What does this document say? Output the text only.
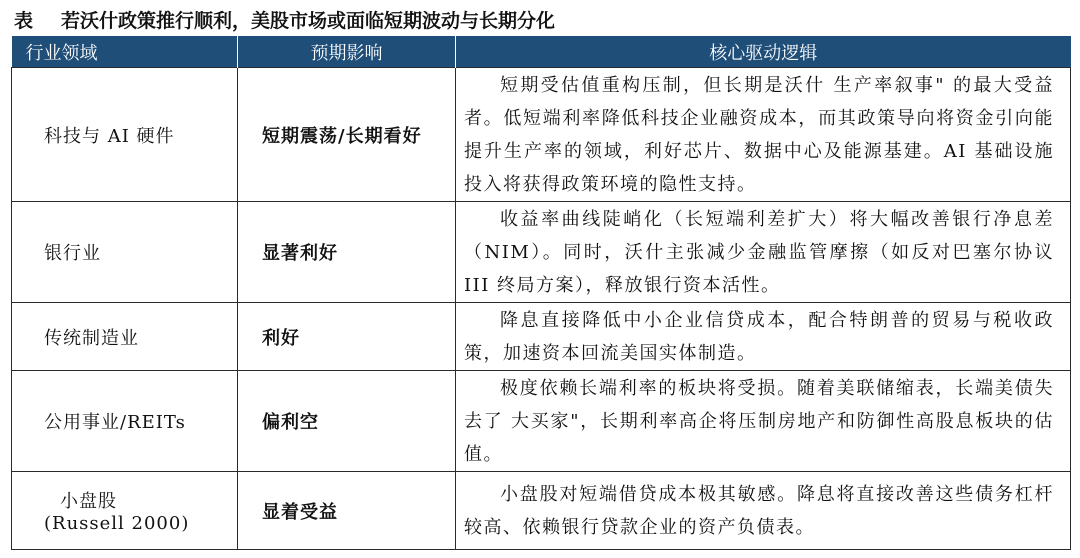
表 若沃什政策推行顺利，美股市场或面临短期波动与长期分化
行业领域	预期影响	核心驱动逻辑
科技与 AI 硬件	短期震荡/长期看好	短期受估值重构压制，但长期是沃什 生产率叙事" 的最大受益者。低短端利率降低科技企业融资成本，而其政策导向将资金引向能提升生产率的领域，利好芯片、数据中心及能源基建。AI 基础设施投入将获得政策环境的隐性支持。
银行业	显著利好	收益率曲线陡峭化（长短端利差扩大）将大幅改善银行净息差（NIM）。同时，沃什主张减少金融监管摩擦（如反对巴塞尔协议 III 终局方案），释放银行资本活性。
传统制造业	利好	降息直接降低中小企业信贷成本，配合特朗普的贸易与税收政策，加速资本回流美国实体制造。
公用事业/REITs	偏利空	极度依赖长端利率的板块将受损。随着美联储缩表，长端美债失去了 大买家"，长期利率高企将压制房地产和防御性高股息板块的估值。

小盘股
(Russell 2000)	显着受益	小盘股对短端借贷成本极其敏感。降息将直接改善这些债务杠杆较高、依赖银行贷款企业的资产负债表。
